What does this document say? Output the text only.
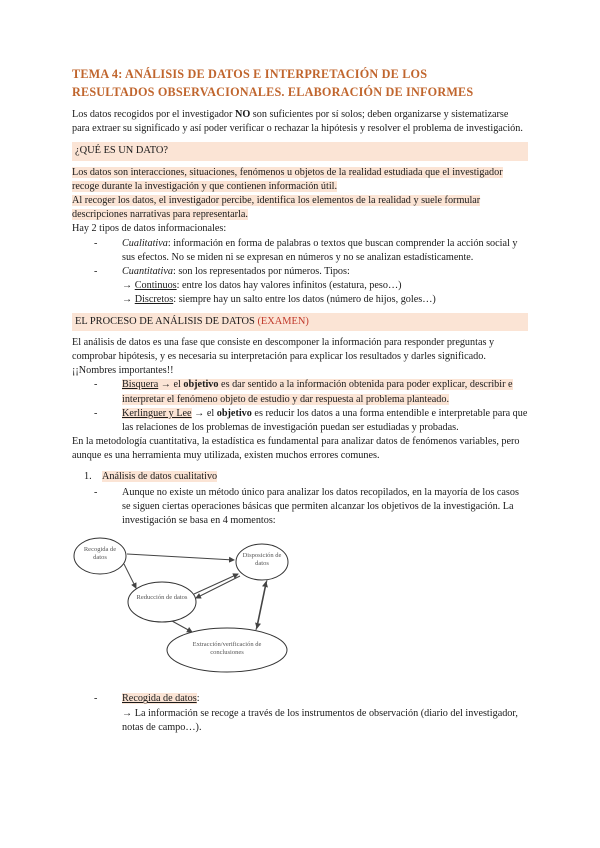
TEMA 4: ANÁLISIS DE DATOS E INTERPRETACIÓN DE LOS
RESULTADOS OBSERVACIONALES. ELABORACIÓN DE INFORMES

Los datos recogidos por el investigador NO son suficientes por sí solos; deben organizarse y sistematizarse para extraer su significado y así poder verificar o rechazar la hipótesis y resolver el problema de investigación.

¿QUÉ ES UN DATO?

Los datos son interacciones, situaciones, fenómenos u objetos de la realidad estudiada que el investigador recoge durante la investigación y que contienen información útil.

Al recoger los datos, el investigador percibe, identifica los elementos de la realidad y suele formular descripciones narrativas para representarla.

Hay 2 tipos de datos informacionales:

- Cualitativa: información en forma de palabras o textos que buscan comprender la acción social y sus efectos. No se miden ni se expresan en números y no se analizan estadísticamente.
- Cuantitativa: son los representados por números. Tipos:
→ Continuos: entre los datos hay valores infinitos (estatura, peso…)
→ Discretos: siempre hay un salto entre los datos (número de hijos, goles…)
EL PROCESO DE ANÁLISIS DE DATOS (EXAMEN)

El análisis de datos es una fase que consiste en descomponer la información para responder preguntas y comprobar hipótesis, y es necesaria su interpretación para explicar los resultados y darles significado.

¡¡Nombres importantes!!

- Bisquera → el objetivo es dar sentido a la información obtenida para poder explicar, describir e interpretar el fenómeno objeto de estudio y dar respuesta al problema planteado.
- Kerlinguer y Lee → el objetivo es reducir los datos a una forma entendible e interpretable para que las relaciones de los problemas de investigación puedan ser estudiadas y probadas.

En la metodología cuantitativa, la estadística es fundamental para analizar datos de fenómenos variables, pero aunque es una herramienta muy utilizada, existen muchos errores comunes.

1. Análisis de datos cualitativo
- Aunque no existe un método único para analizar los datos recopilados, en la mayoría de los casos se siguen ciertas operaciones básicas que permiten alcanzar los objetivos de la investigación. La investigación se basa en 4 momentos:
Recogida de datos	Disposición de datos
Reducción de datos
Extracción/verificación de conclusiones
- Recogida de datos:
→ La información se recoge a través de los instrumentos de observación (diario del investigador, notas de campo…).
